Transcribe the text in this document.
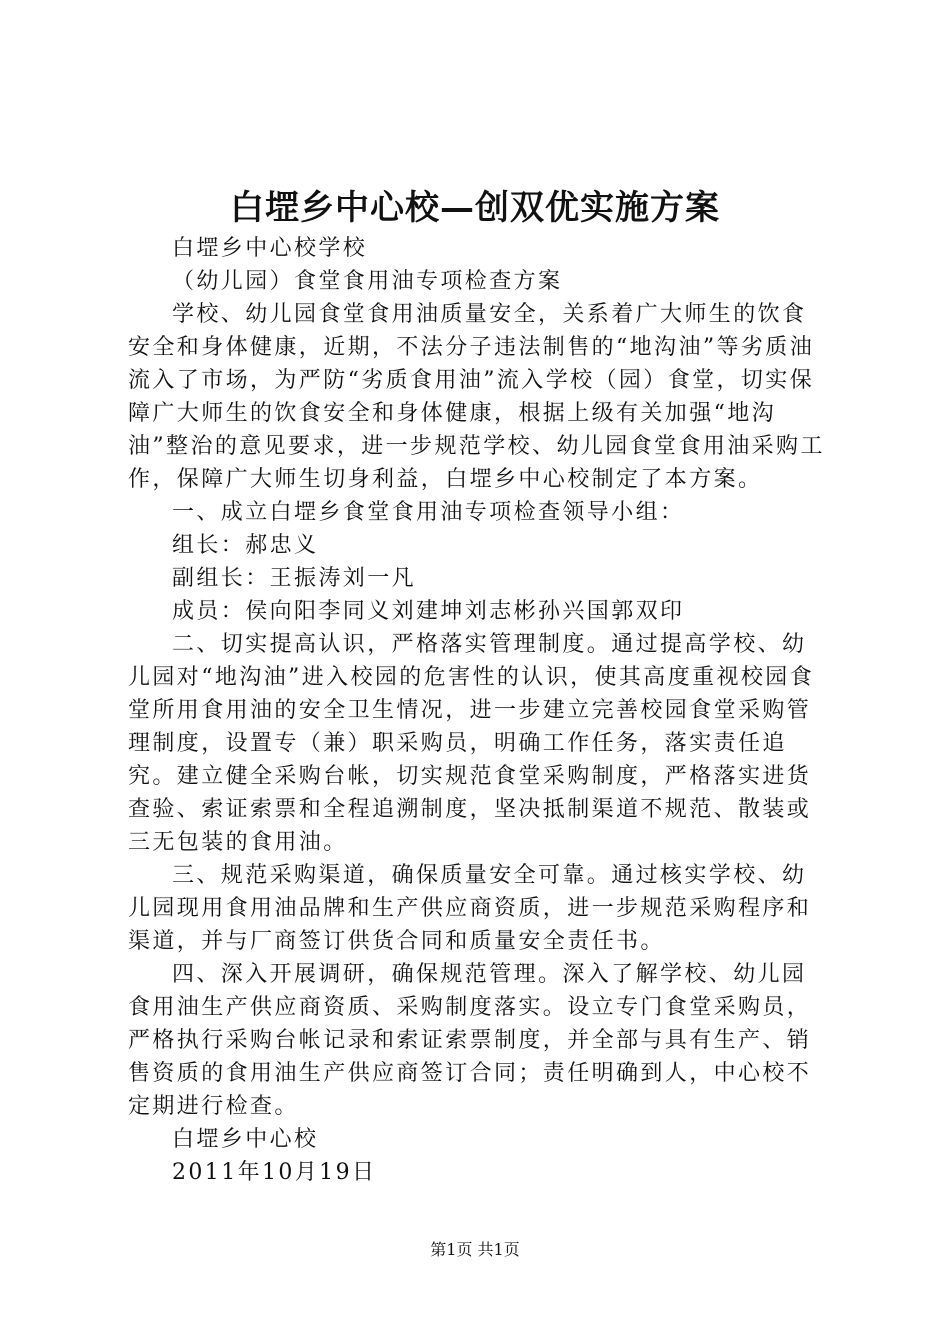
白堽乡中心校—创双优实施方案

白堽乡中心校学校

（幼儿园）食堂食用油专项检查方案

学校、幼儿园食堂食用油质量安全，关系着广大师生的饮食安全和身体健康，近期，不法分子违法制售的“地沟油”等劣质油流入了市场，为严防“劣质食用油”流入学校（园）食堂，切实保障广大师生的饮食安全和身体健康，根据上级有关加强“地沟油”整治的意见要求，进一步规范学校、幼儿园食堂食用油采购工作，保障广大师生切身利益，白堽乡中心校制定了本方案。

一、成立白堽乡食堂食用油专项检查领导小组：

组长：郝忠义

副组长：王振涛刘一凡

成员：侯向阳李同义刘建坤刘志彬孙兴国郭双印

二、切实提高认识，严格落实管理制度。通过提高学校、幼儿园对“地沟油”进入校园的危害性的认识，使其高度重视校园食堂所用食用油的安全卫生情况，进一步建立完善校园食堂采购管理制度，设置专（兼）职采购员，明确工作任务，落实责任追究。建立健全采购台帐，切实规范食堂采购制度，严格落实进货查验、索证索票和全程追溯制度，坚决抵制渠道不规范、散装或三无包装的食用油。

三、规范采购渠道，确保质量安全可靠。通过核实学校、幼儿园现用食用油品牌和生产供应商资质，进一步规范采购程序和渠道，并与厂商签订供货合同和质量安全责任书。

四、深入开展调研，确保规范管理。深入了解学校、幼儿园食用油生产供应商资质、采购制度落实。设立专门食堂采购员，严格执行采购台帐记录和索证索票制度，并全部与具有生产、销售资质的食用油生产供应商签订合同；责任明确到人，中心校不定期进行检查。

白堽乡中心校

2011年10月19日

第1页 共1页
